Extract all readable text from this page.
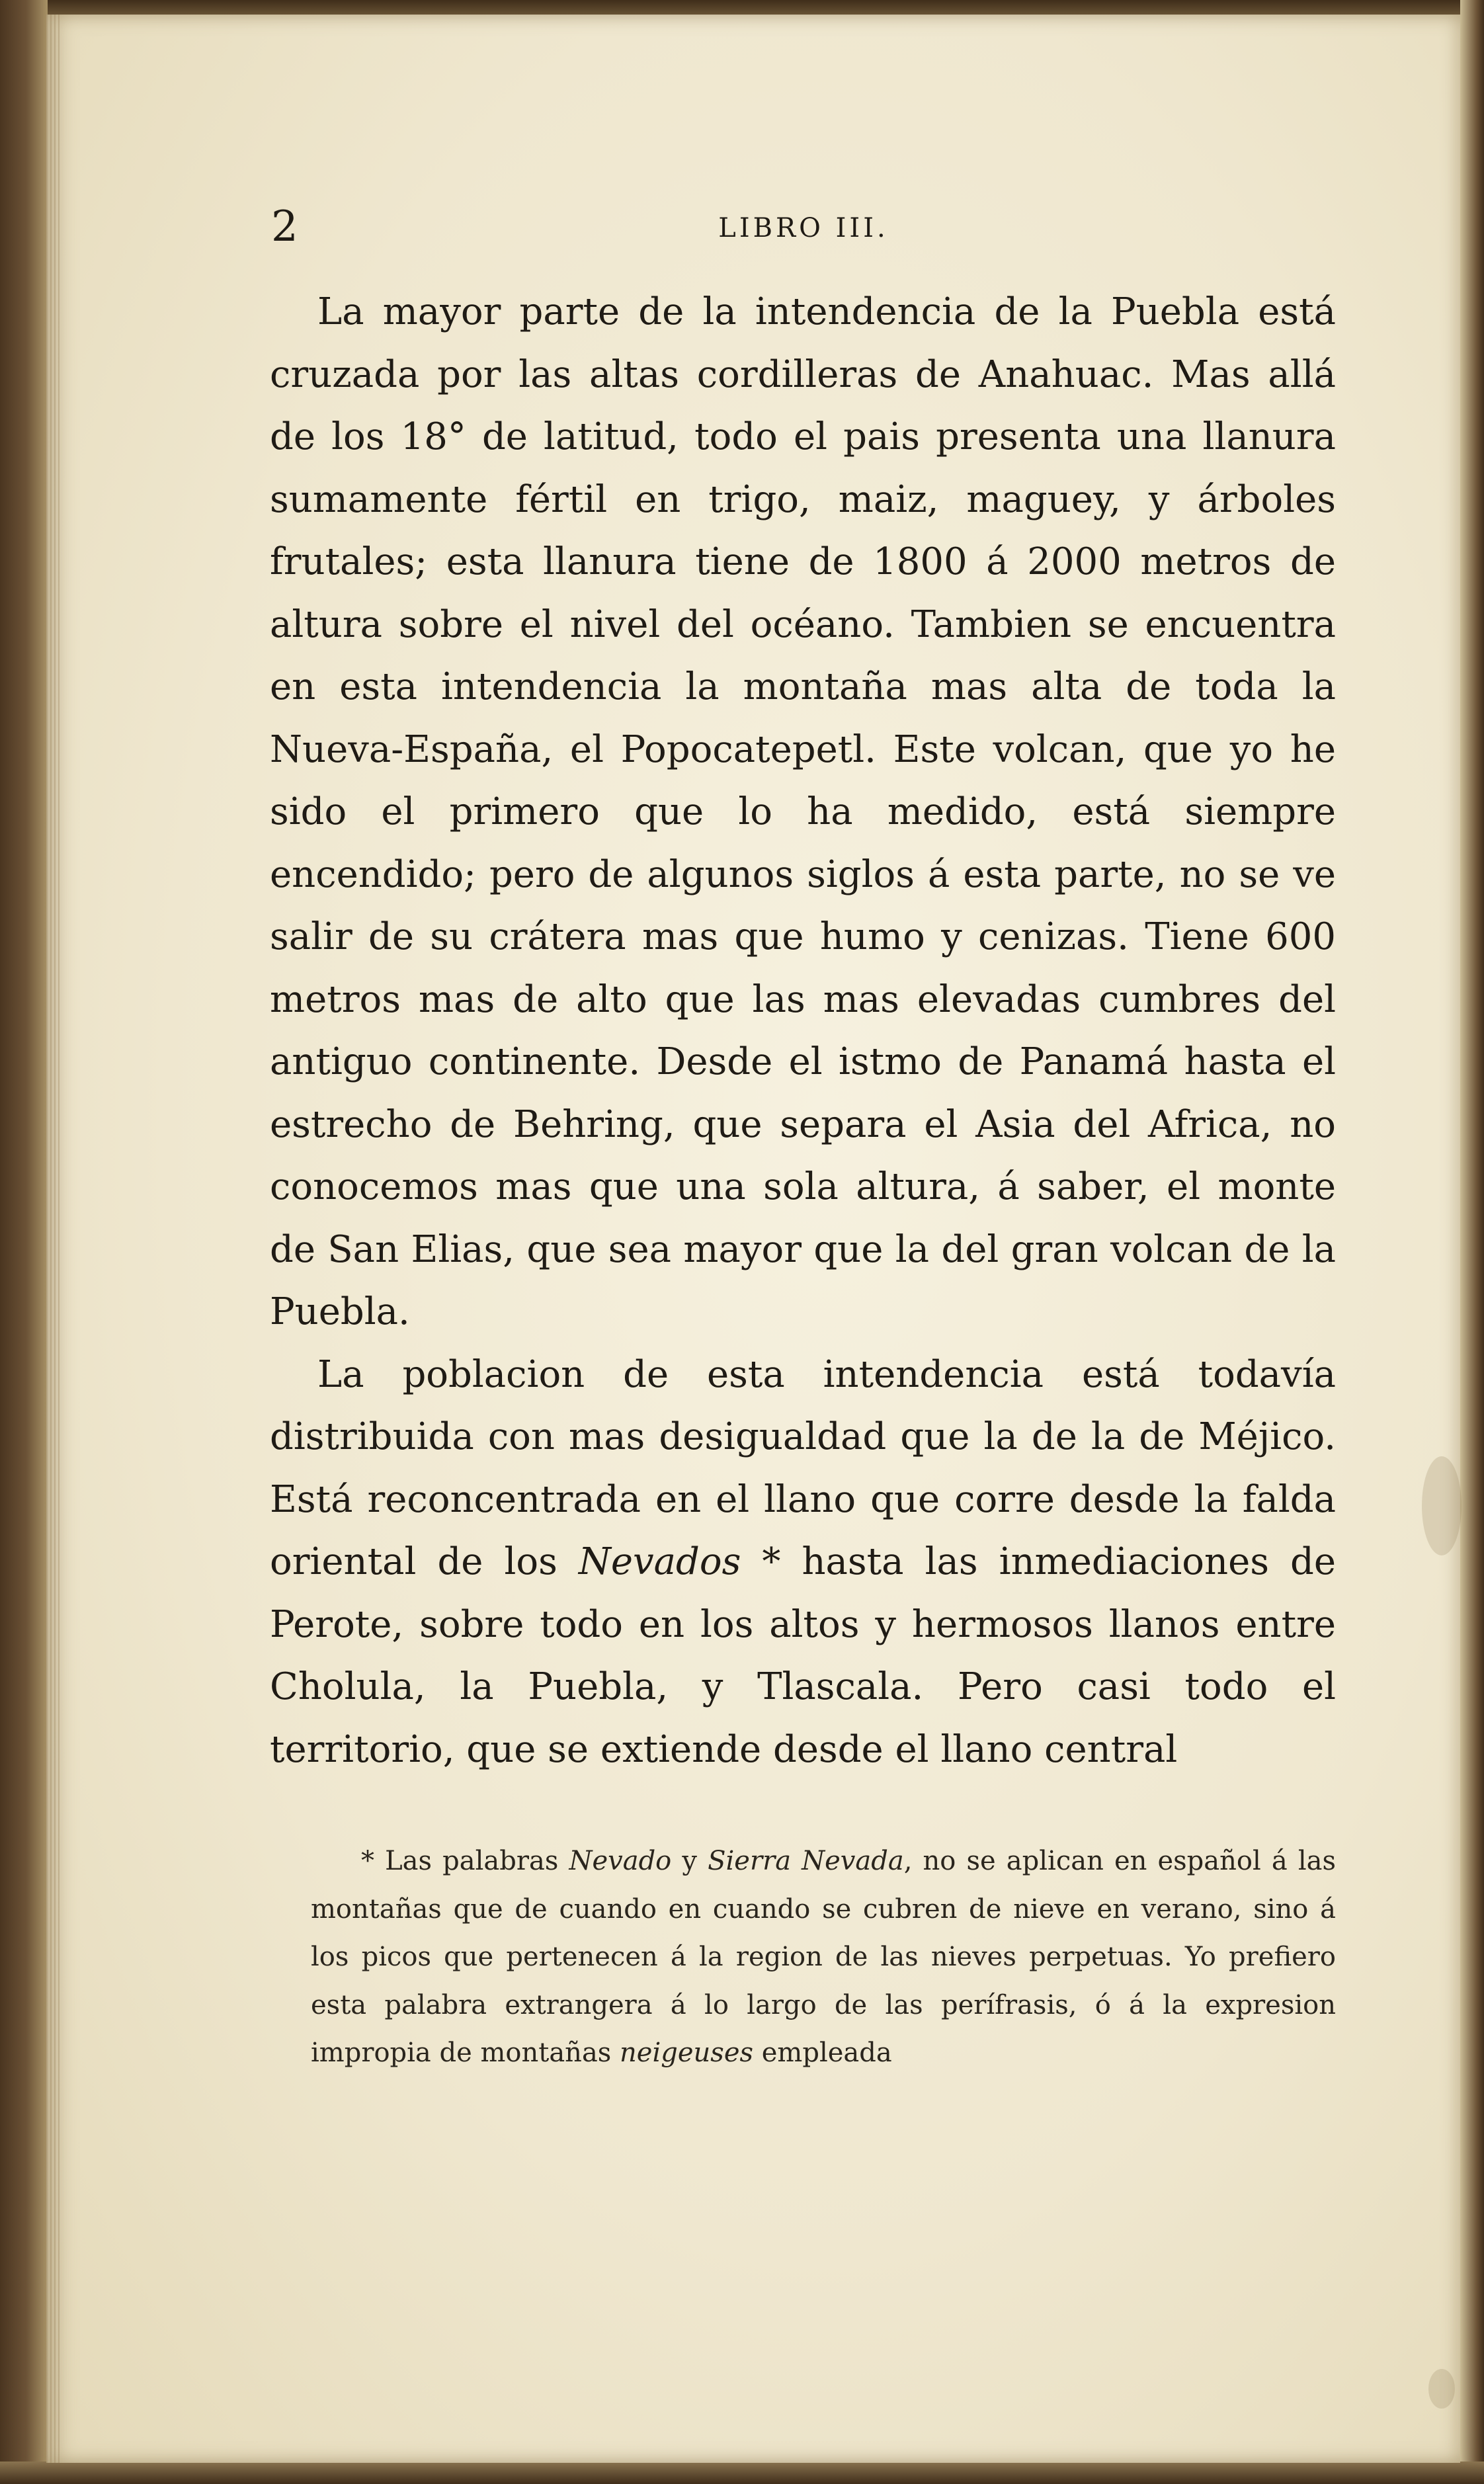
2	LIBRO III.

La mayor parte de la intendencia de la Puebla está cruzada por las altas cordilleras de Anahuac. Mas allá de los 18° de latitud, todo el pais presenta una llanura sumamente fértil en trigo, maiz, maguey, y árboles frutales; esta llanura tiene de 1800 á 2000 metros de altura sobre el nivel del océano. Tambien se encuentra en esta intendencia la montaña mas alta de toda la Nueva-España, el Popocatepetl. Este volcan, que yo he sido el primero que lo ha medido, está siempre encendido; pero de algunos siglos á esta parte, no se ve salir de su crátera mas que humo y cenizas. Tiene 600 metros mas de alto que las mas elevadas cumbres del antiguo continente. Desde el istmo de Panamá hasta el estrecho de Behring, que separa el Asia del Africa, no conocemos mas que una sola altura, á saber, el monte de San Elias, que sea mayor que la del gran volcan de la Puebla.

La poblacion de esta intendencia está todavía distribuida con mas desigualdad que la de la de Méjico. Está reconcentrada en el llano que corre desde la falda oriental de los Nevados * hasta las inmediaciones de Perote, sobre todo en los altos y hermosos llanos entre Cholula, la Puebla, y Tlascala. Pero casi todo el territorio, que se extiende desde el llano central

* Las palabras Nevado y Sierra Nevada, no se aplican en español á las montañas que de cuando en cuando se cubren de nieve en verano, sino á los picos que pertenecen á la region de las nieves perpetuas. Yo prefiero esta palabra extrangera á lo largo de las perífrasis, ó á la expresion impropia de montañas neigeuses empleada
